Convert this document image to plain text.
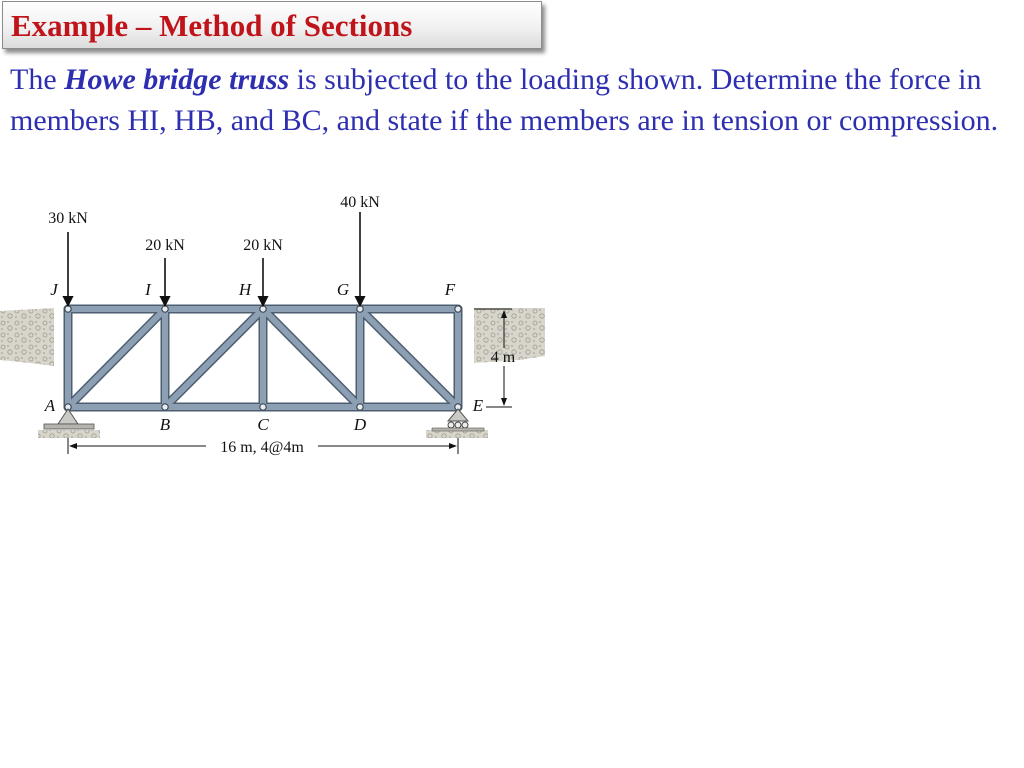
Example – Method of Sections

The Howe bridge truss is subjected to the loading shown. Determine the force in members HI, HB, and BC, and state if the members are in tension or compression.

30 kN
20 kN	20 kN
40 kN
J	I	H	G	F
A
B	C	D
E
4 m
16 m, 4@4m
